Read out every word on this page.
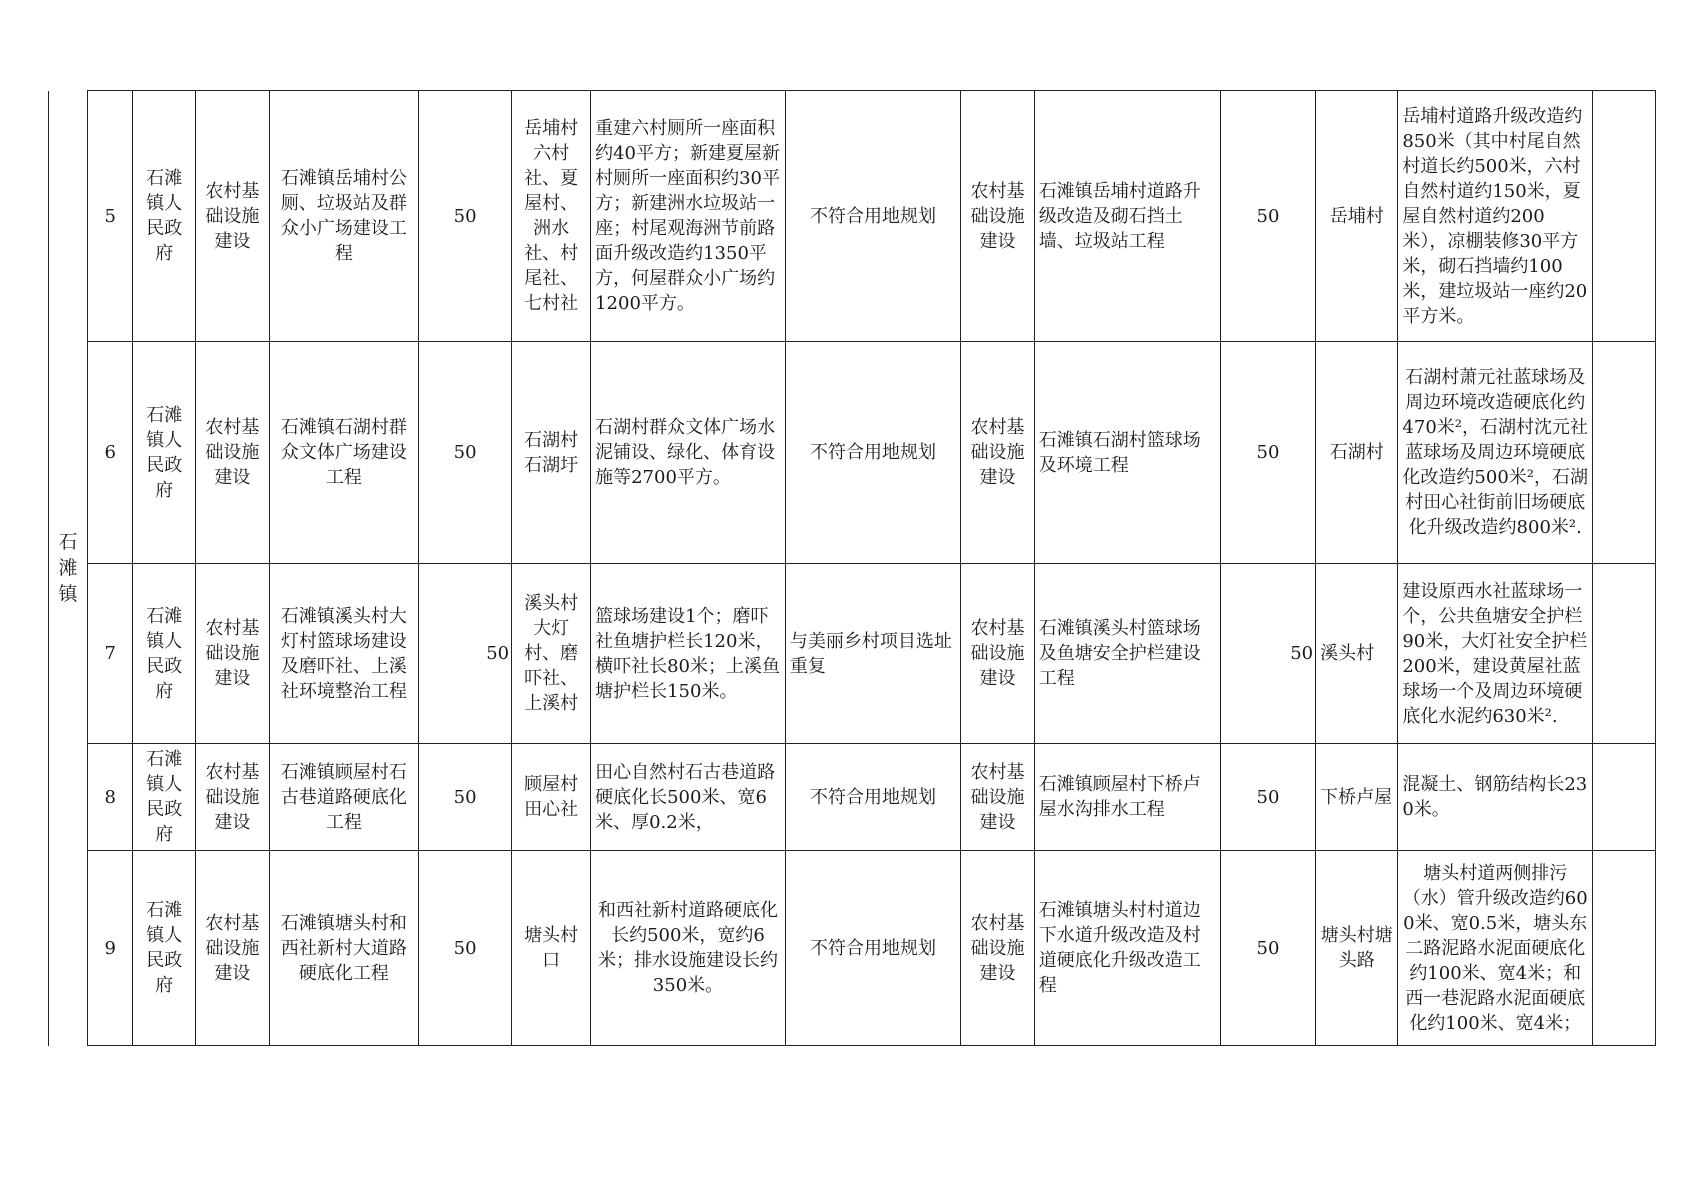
石滩镇	5	石滩镇人民政府	农村基础设施建设	石滩镇岳埔村公厕、垃圾站及群众小广场建设工程	50	岳埔村六村社、夏屋村、洲水社、村尾社、七村社	重建六村厕所一座面积约40平方；新建夏屋新村厕所一座面积约30平方；新建洲水垃圾站一座；村尾观海洲节前路面升级改造约1350平方，何屋群众小广场约1200平方。	不符合用地规划	农村基础设施建设	石滩镇岳埔村道路升级改造及砌石挡土墙、垃圾站工程	50	岳埔村	岳埔村道路升级改造约850米（其中村尾自然村道长约500米，六村自然村道约150米，夏屋自然村道约200米），凉棚装修30平方米，砌石挡墙约100米，建垃圾站一座约20平方米。	
	6	石滩镇人民政府	农村基础设施建设	石滩镇石湖村群众文体广场建设工程	50	石湖村石湖圩	石湖村群众文体广场水泥铺设、绿化、体育设施等2700平方。	不符合用地规划	农村基础设施建设	石滩镇石湖村篮球场及环境工程	50	石湖村	石湖村萧元社蓝球场及周边环境改造硬底化约470米²，石湖村沈元社蓝球场及周边环境硬底化改造约500米²，石湖村田心社街前旧场硬底化升级改造约800米².	
	7	石滩镇人民政府	农村基础设施建设	石滩镇溪头村大灯村篮球场建设及磨吓社、上溪社环境整治工程	50	溪头村大灯村、磨吓社、上溪村	篮球场建设1个；磨吓社鱼塘护栏长120米，横吓社长80米；上溪鱼塘护栏长150米。	与美丽乡村项目选址重复	农村基础设施建设	石滩镇溪头村篮球场及鱼塘安全护栏建设工程	50	溪头村	建设原西水社蓝球场一个，公共鱼塘安全护栏90米，大灯社安全护栏200米，建设黄屋社蓝球场一个及周边环境硬底化水泥约630米².	
	8	石滩镇人民政府	农村基础设施建设	石滩镇顾屋村石古巷道路硬底化工程	50	顾屋村田心社	田心自然村石古巷道路硬底化长500米、宽6米、厚0.2米，	不符合用地规划	农村基础设施建设	石滩镇顾屋村下桥卢屋水沟排水工程	50	下桥卢屋	混凝土、钢筋结构长230米。	
	9	石滩镇人民政府	农村基础设施建设	石滩镇塘头村和西社新村大道路硬底化工程	50	塘头村口	和西社新村道路硬底化长约500米，宽约6米；排水设施建设长约350米。	不符合用地规划	农村基础设施建设	石滩镇塘头村村道边下水道升级改造及村道硬底化升级改造工程	50	塘头村塘头路	塘头村道两侧排污（水）管升级改造约600米、宽0.5米，塘头东二路泥路水泥面硬底化约100米、宽4米；和西一巷泥路水泥面硬底化约100米、宽4米；	
